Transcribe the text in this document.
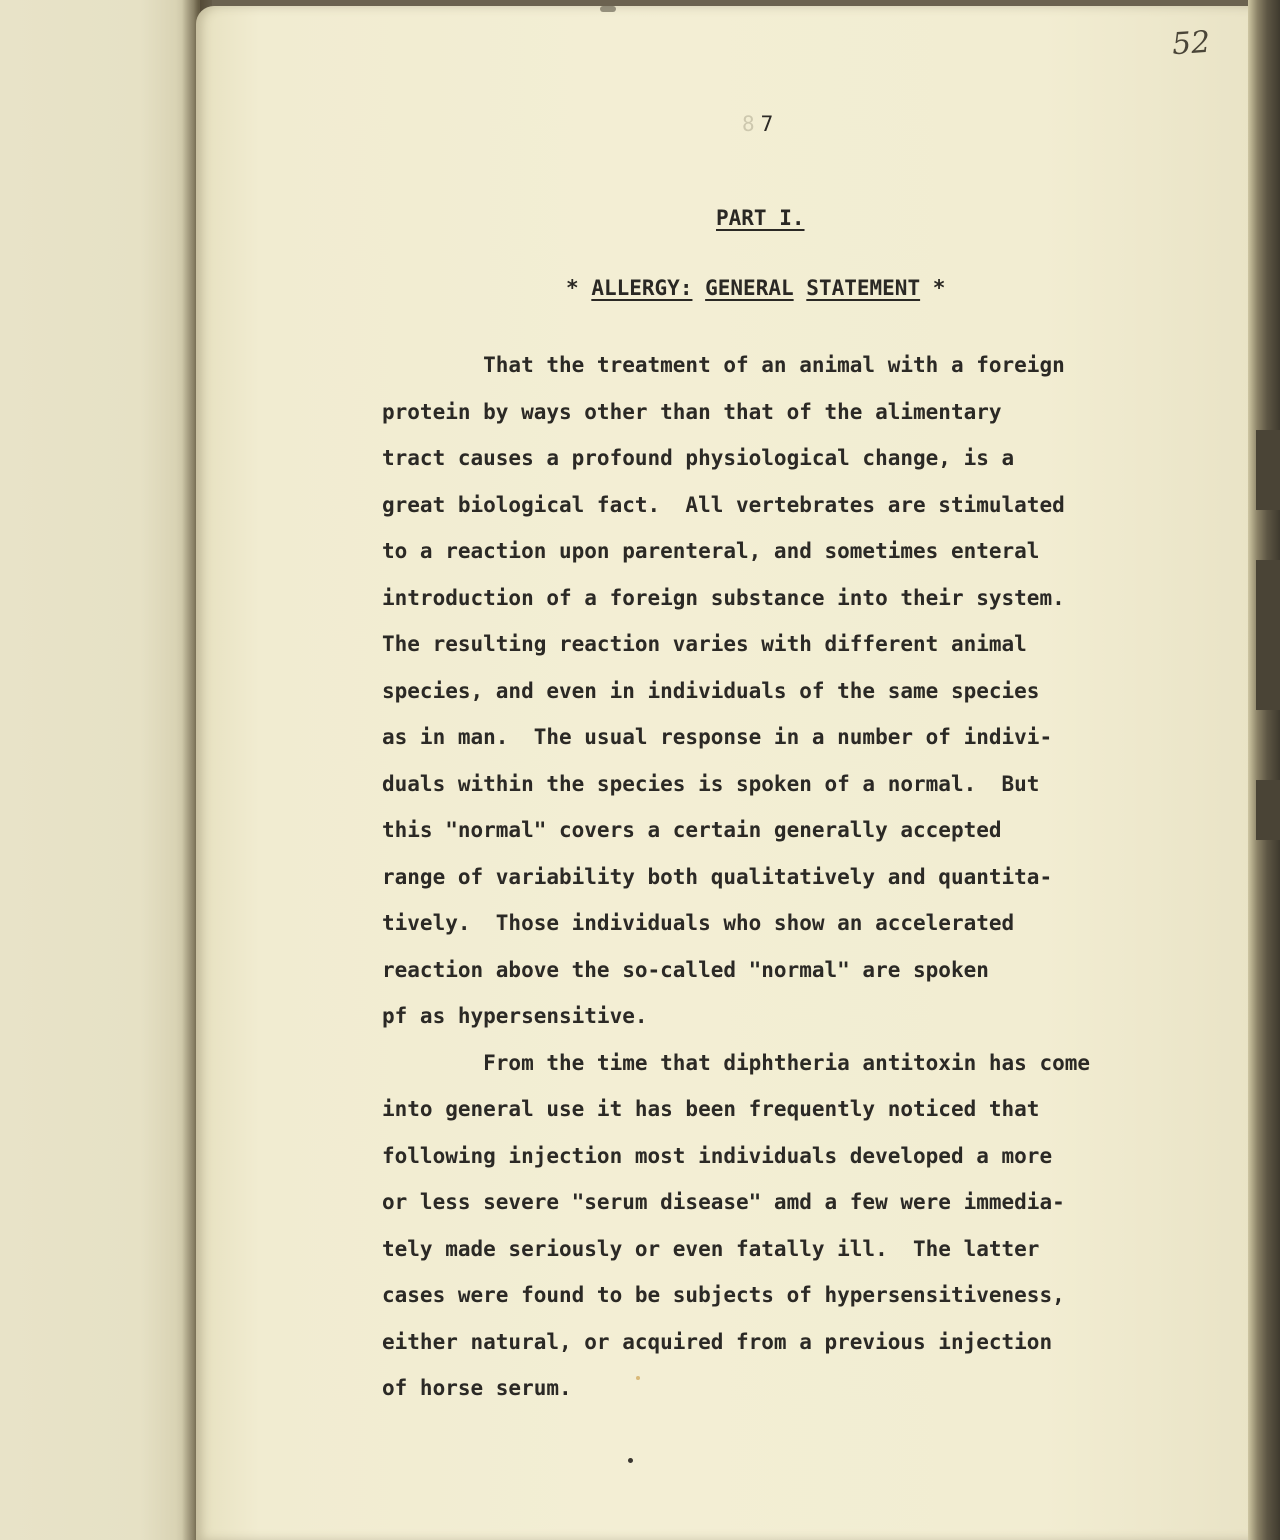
52
8 7
PART I.
* ALLERGY: GENERAL STATEMENT *
That the treatment of an animal with a foreign
protein by ways other than that of the alimentary
tract causes a profound physiological change, is a
great biological fact.  All vertebrates are stimulated
to a reaction upon parenteral, and sometimes enteral
introduction of a foreign substance into their system.
The resulting reaction varies with different animal
species, and even in individuals of the same species
as in man.  The usual response in a number of indivi-
duals within the species is spoken of a normal.  But
this "normal" covers a certain generally accepted
range of variability both qualitatively and quantita-
tively.  Those individuals who show an accelerated
reaction above the so-called "normal" are spoken
pf as hypersensitive.
From the time that diphtheria antitoxin has come
into general use it has been frequently noticed that
following injection most individuals developed a more
or less severe "serum disease" amd a few were immedia-
tely made seriously or even fatally ill.  The latter
cases were found to be subjects of hypersensitiveness,
either natural, or acquired from a previous injection
of horse serum.
